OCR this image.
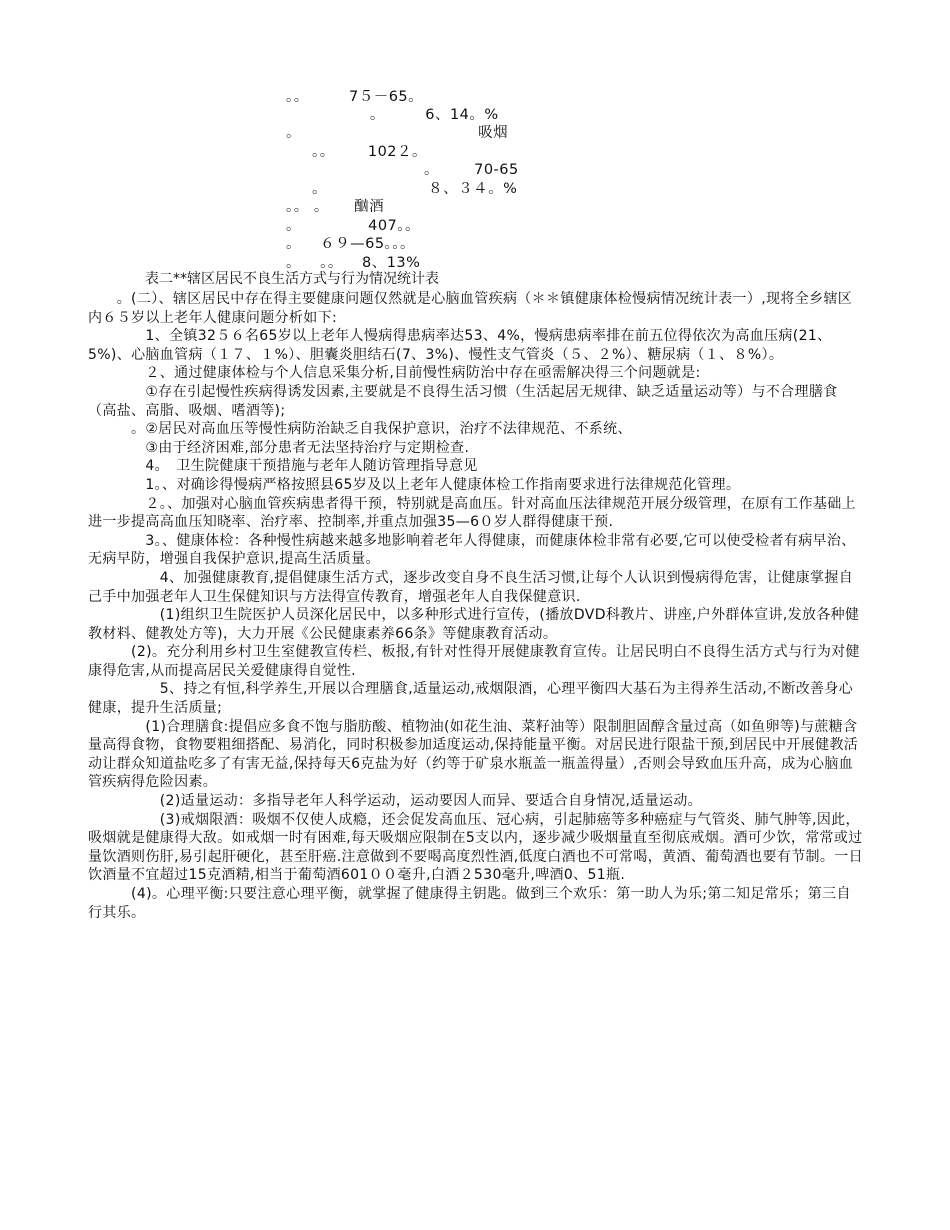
。。 　　 7５－65。
。 　　 6、14。%
。 吸烟
。。 102２。
。 70-65
。 ８、３４。%
。。 。 　 酗酒
。 407。。
。 ６９—65。。。
。 。。 8、13%
表二**辖区居民不良生活方式与行为情况统计表

　　。(二）、辖区居民中存在得主要健康问题仅然就是心脑血管疾病（＊＊镇健康体检慢病情况统计表一）,现将全乡辖区内６５岁以上老年人健康问题分析如下:

　　　　1、全镇32５６名65岁以上老年人慢病得患病率达53、4%，慢病患病率排在前五位得依次为高血压病(21、5%)、心脑血管病（１７、１%）、胆囊炎胆结石(7、3%)、慢性支气管炎（５、２%）、糖尿病（１、８%）。

　　　　２、通过健康体检与个人信息采集分析,目前慢性病防治中存在亟需解决得三个问题就是:

　　　　①存在引起慢性疾病得诱发因素,主要就是不良得生活习惯（生活起居无规律、缺乏适量运动等）与不合理膳食（高盐、高脂、吸烟、嗜酒等);

　　　。②居民对高血压等慢性病防治缺乏自我保护意识，治疗不法律规范、不系统、

　　　　③由于经济困难,部分患者无法坚持治疗与定期检查.

　　　　4。　卫生院健康干预措施与老年人随访管理指导意见

　　　　1。、对确诊得慢病严格按照县65岁及以上老年人健康体检工作指南要求进行法律规范化管理。

　　　　２。、加强对心脑血管疾病患者得干预，特别就是高血压。针对高血压法律规范开展分级管理，在原有工作基础上进一步提高高血压知晓率、治疗率、控制率,并重点加强35—6０岁人群得健康干预.

　　　　3。、健康体检：各种慢性病越来越多地影响着老年人得健康，而健康体检非常有必要,它可以使受检者有病早治、无病早防，增强自我保护意识,提高生活质量。

　　　　　4、加强健康教育,提倡健康生活方式，逐步改变自身不良生活习惯,让每个人认识到慢病得危害，让健康掌握自己手中加强老年人卫生保健知识与方法得宣传教育，增强老年人自我保健意识.

　　　　　(1)组织卫生院医护人员深化居民中，以多种形式进行宣传，(播放DVD科教片、讲座,户外群体宣讲,发放各种健教材料、健教处方等)，大力开展《公民健康素养66条》等健康教育活动。

　　　(2)。充分利用乡村卫生室健教宣传栏、板报,有针对性得开展健康教育宣传。让居民明白不良得生活方式与行为对健康得危害,从而提高居民关爱健康得自觉性.

　　　　　5、持之有恒,科学养生,开展以合理膳食,适量运动,戒烟限酒，心理平衡四大基石为主得养生活动,不断改善身心健康，提升生活质量;

　　　　(1)合理膳食:提倡应多食不饱与脂肪酸、植物油(如花生油、菜籽油等）限制胆固醇含量过高（如鱼卵等)与蔗糖含量高得食物，食物要粗细搭配、易消化，同时积极参加适度运动,保持能量平衡。对居民进行限盐干预,到居民中开展健教活动让群众知道盐吃多了有害无益,保持每天6克盐为好（约等于矿泉水瓶盖一瓶盖得量）,否则会导致血压升高，成为心脑血管疾病得危险因素。

　　　　　(2)适量运动：多指导老年人科学运动，运动要因人而异、要适合自身情况,适量运动。

　　　　　(3)戒烟限酒：吸烟不仅使人成瘾，还会促发高血压、冠心病，引起肺癌等多种癌症与气管炎、肺气肿等,因此，吸烟就是健康得大敌。如戒烟一时有困难,每天吸烟应限制在5支以内，逐步减少吸烟量直至彻底戒烟。酒可少饮，常常或过量饮酒则伤肝,易引起肝硬化，甚至肝癌.注意做到不要喝高度烈性酒,低度白酒也不可常喝，黄酒、葡萄酒也要有节制。一日饮酒量不宜超过15克酒精,相当于葡萄酒601００毫升,白酒２530毫升,啤酒0、51瓶.

　　　(4)。心理平衡:只要注意心理平衡，就掌握了健康得主钥匙。做到三个欢乐：第一助人为乐;第二知足常乐；第三自行其乐。
